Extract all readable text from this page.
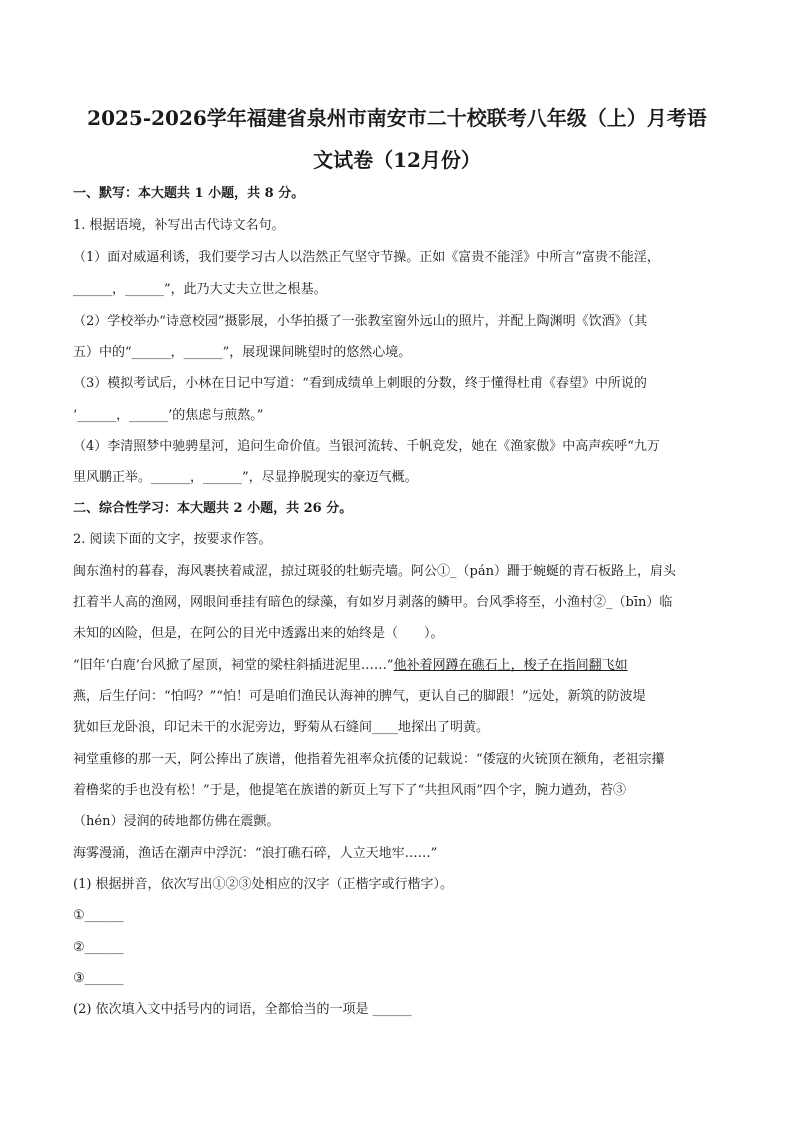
2025-2026学年福建省泉州市南安市二十校联考八年级（上）月考语
文试卷（12月份）
一、默写：本大题共 1 小题，共 8 分。
1. 根据语境，补写出古代诗文名句。
（1）面对威逼利诱，我们要学习古人以浩然正气坚守节操。正如《富贵不能淫》中所言“富贵不能淫，
______，______”，此乃大丈夫立世之根基。
（2）学校举办“诗意校园”摄影展，小华拍摄了一张教室窗外远山的照片，并配上陶渊明《饮酒》（其
五）中的“______，______”，展现课间眺望时的悠然心境。
（3）模拟考试后，小林在日记中写道：“看到成绩单上刺眼的分数，终于懂得杜甫《春望》中所说的
‘______，______’的焦虑与煎熬。”
（4）李清照梦中驰骋星河，追问生命价值。当银河流转、千帆竞发，她在《渔家傲》中高声疾呼“九万
里风鹏正举。______，______”，尽显挣脱现实的豪迈气概。
二、综合性学习：本大题共 2 小题，共 26 分。
2. 阅读下面的文字，按要求作答。
闽东渔村的暮春，海风裹挟着咸涩，掠过斑驳的牡蛎壳墙。阿公①_（pán）跚于蜿蜒的青石板路上，肩头
扛着半人高的渔网，网眼间垂挂有暗色的绿藻，有如岁月剥落的鳞甲。台风季将至，小渔村②_（bīn）临
未知的凶险，但是，在阿公的目光中透露出来的始终是（　　）。
“旧年‘白鹿’台风掀了屋顶，祠堂的梁柱斜插进泥里……”他补着网蹲在礁石上，梭子在指间翻飞如
燕，后生仔问：“怕吗？”“怕！可是咱们渔民认海神的脾气，更认自己的脚跟！”远处，新筑的防波堤
犹如巨龙卧浪，印记未干的水泥旁边，野菊从石缝间____地探出了明黄。
祠堂重修的那一天，阿公捧出了族谱，他指着先祖率众抗倭的记载说：“倭寇的火铳顶在额角，老祖宗攥
着橹桨的手也没有松！”于是，他提笔在族谱的新页上写下了“共担风雨”四个字，腕力遒劲，苔③
（hén）浸润的砖地都仿佛在震颤。
海雾漫涌，渔话在潮声中浮沉：“浪打礁石碎，人立天地牢……”
(1) 根据拼音，依次写出①②③处相应的汉字（正楷字或行楷字）。
①______
②______
③______
(2) 依次填入文中括号内的词语，全都恰当的一项是 ______
